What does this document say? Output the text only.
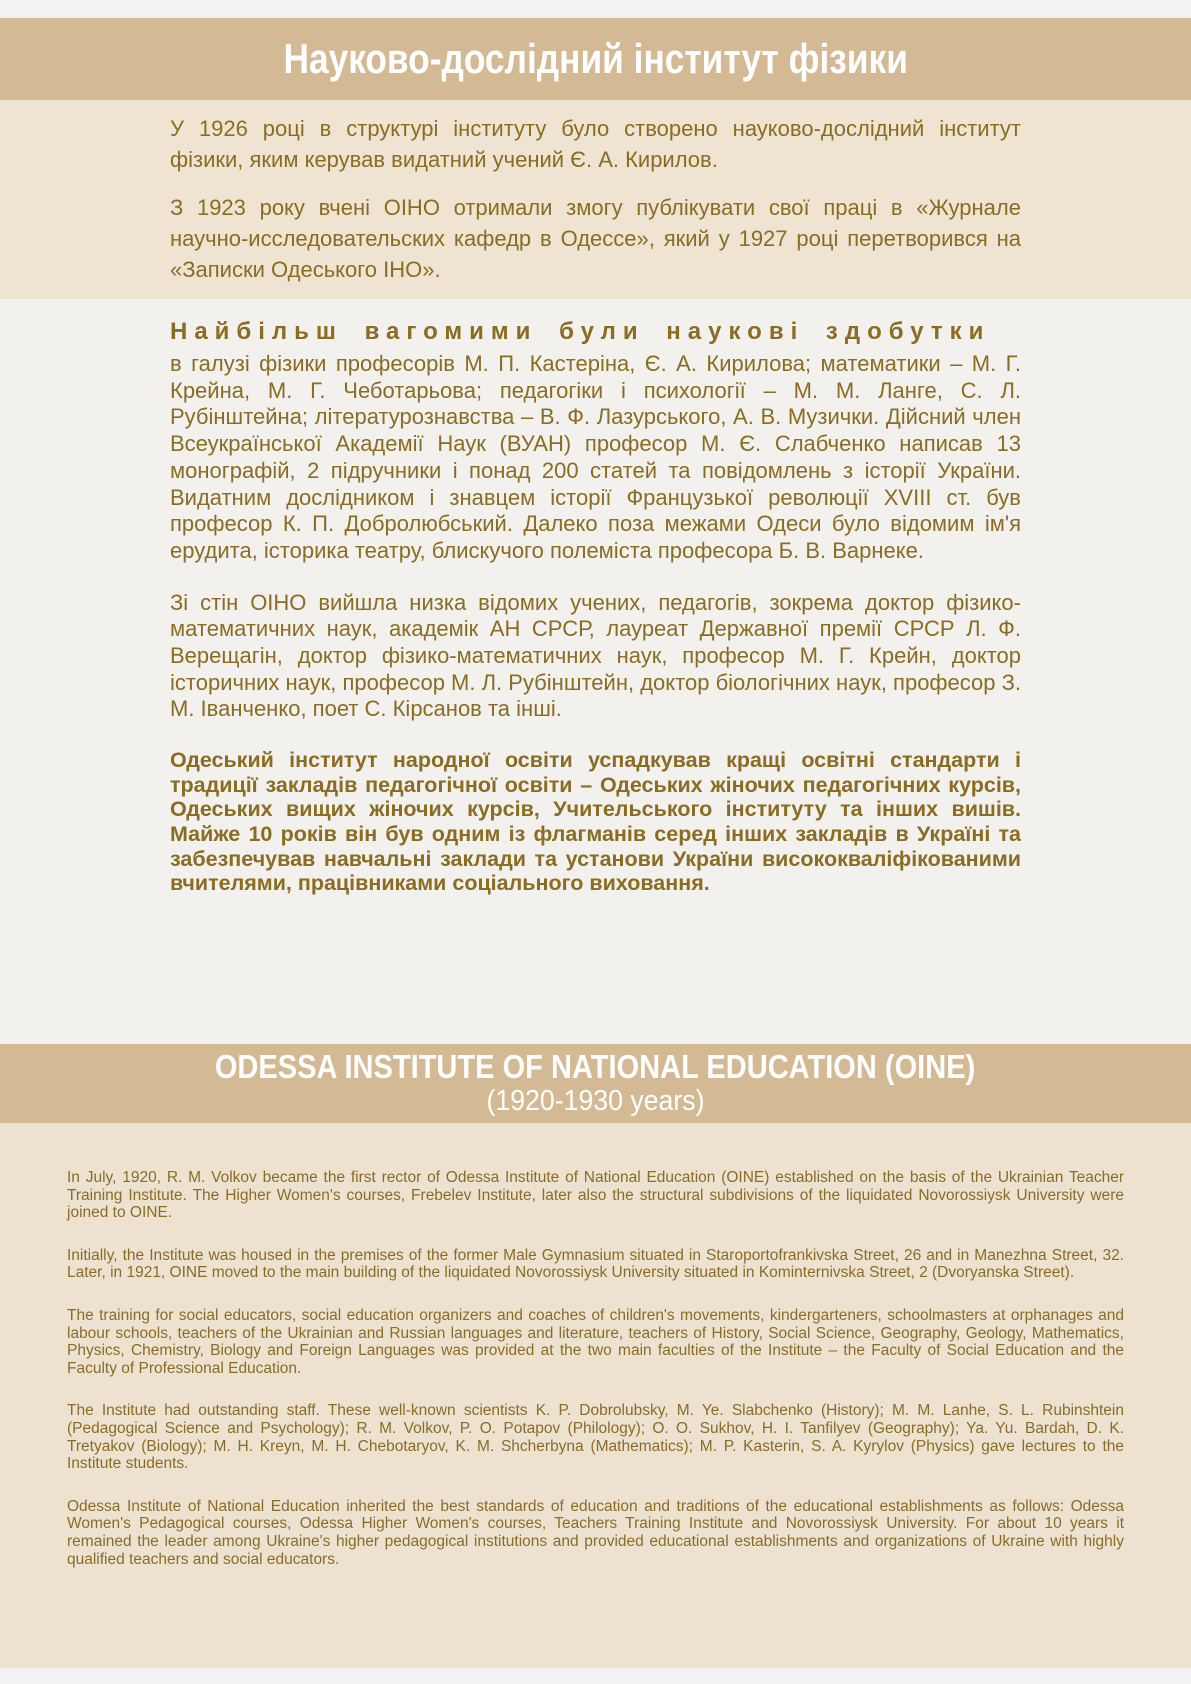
Науково-дослідний інститут фізики

У 1926 році в структурі інституту було створено науково-дослідний інститут фізики, яким керував видатний учений Є. А. Кирилов.

З 1923 року вчені ОІНО отримали змогу публікувати свої праці в «Журнале научно-исследовательских кафедр в Одессе», який у 1927 році перетворився на «Записки Одеського ІНО».

Найбільш вагомими були наукові здобутки
в галузі фізики професорів М. П. Кастеріна, Є. А. Кирилова; математики – М. Г. Крейна, М. Г. Чеботарьова; педагогіки і психології – М. М. Ланге, С. Л. Рубінштейна; літературознавства – В. Ф. Лазурського, А. В. Музички. Дійсний член Всеукраїнської Академії Наук (ВУАН) професор М. Є. Слабченко написав 13 монографій, 2 підручники і понад 200 статей та повідомлень з історії України. Видатним дослідником і знавцем історії Французької революції XVIII ст. був професор К. П. Добролюбський. Далеко поза межами Одеси було відомим ім'я ерудита, історика театру, блискучого полеміста професора Б. В. Варнеке.

Зі стін ОІНО вийшла низка відомих учених, педагогів, зокрема доктор фізико-математичних наук, академік АН СРСР, лауреат Державної премії СРСР Л. Ф. Верещагін, доктор фізико-математичних наук, професор М. Г. Крейн, доктор історичних наук, професор М. Л. Рубінштейн, доктор біологічних наук, професор З. М. Іванченко, поет С. Кірсанов та інші.

Одеський інститут народної освіти успадкував кращі освітні стандарти і традиції закладів педагогічної освіти – Одеських жіночих педагогічних курсів, Одеських вищих жіночих курсів, Учительського інституту та інших вишів. Майже 10 років він був одним із флагманів серед інших закладів в Україні та забезпечував навчальні заклади та установи України висококваліфікованими вчителями, працівниками соціального виховання.

ODESSA INSTITUTE OF NATIONAL EDUCATION (OINE)
(1920-1930 years)

In July, 1920, R. M. Volkov became the first rector of Odessa Institute of National Education (OINE) established on the basis of the Ukrainian Teacher Training Institute. The Higher Women's courses, Frebelev Institute, later also the structural subdivisions of the liquidated Novorossiysk University were joined to OINE.

Initially, the Institute was housed in the premises of the former Male Gymnasium situated in Staroportofrankivska Street, 26 and in Manezhna Street, 32. Later, in 1921, OINE moved to the main building of the liquidated Novorossiysk University situated in Kominternivska Street, 2 (Dvoryanska Street).

The training for social educators, social education organizers and coaches of children's movements, kindergarteners, schoolmasters at orphanages and labour schools, teachers of the Ukrainian and Russian languages and literature, teachers of History, Social Science, Geography, Geology, Mathematics, Physics, Chemistry, Biology and Foreign Languages was provided at the two main faculties of the Institute – the Faculty of Social Education and the Faculty of Professional Education.

The Institute had outstanding staff. These well-known scientists K. P. Dobrolubsky, M. Ye. Slabchenko (History); M. M. Lanhe, S. L. Rubinshtein (Pedagogical Science and Psychology); R. M. Volkov, P. O. Potapov (Philology); O. O. Sukhov, H. I. Tanfilyev (Geography); Ya. Yu. Bardah, D. K. Tretyakov (Biology); M. H. Kreyn, M. H. Chebotaryov, K. M. Shcherbyna (Mathematics); M. P. Kasterin, S. A. Kyrylov (Physics) gave lectures to the Institute students.

Odessa Institute of National Education inherited the best standards of education and traditions of the educational establishments as follows: Odessa Women's Pedagogical courses, Odessa Higher Women's courses, Teachers Training Institute and Novorossiysk University. For about 10 years it remained the leader among Ukraine's higher pedagogical institutions and provided educational establishments and organizations of Ukraine with highly qualified teachers and social educators.
